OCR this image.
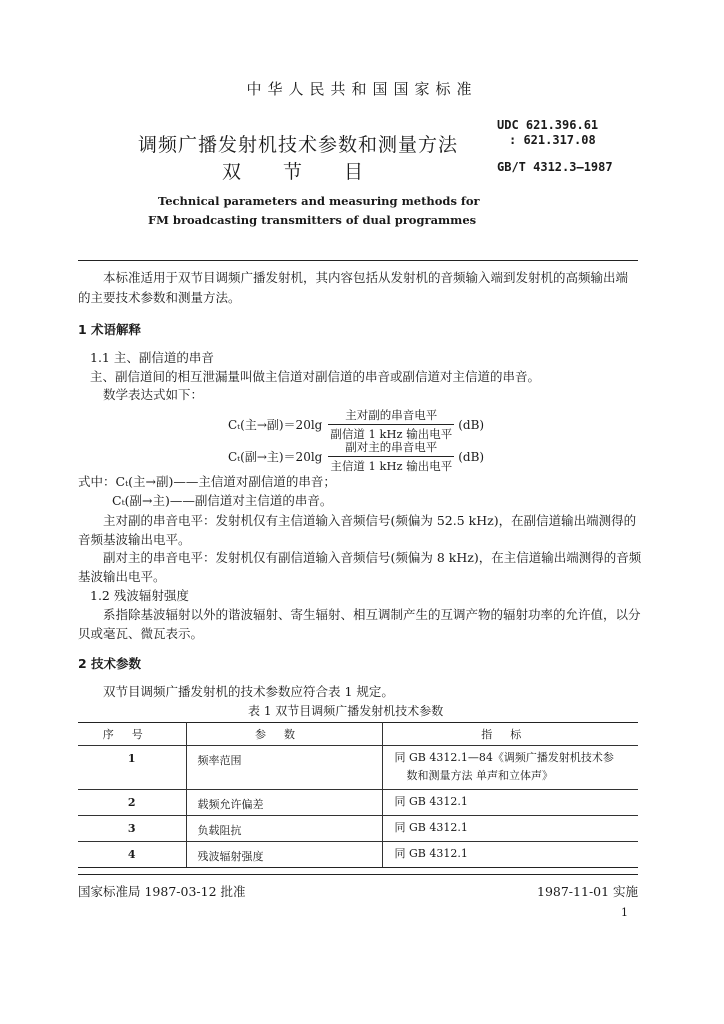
中华人民共和国国家标准
调频广播发射机技术参数和测量方法
双节目
UDC 621.396.61
: 621.317.08
GB/T 4312.3—1987
Technical parameters and measuring methods for
FM broadcasting transmitters of dual programmes
本标准适用于双节目调频广播发射机，其内容包括从发射机的音频输入端到发射机的高频输出端
的主要技术参数和测量方法。
1 术语解释
1.1 主、副信道的串音
主、副信道间的相互泄漏量叫做主信道对副信道的串音或副信道对主信道的串音。
数学表达式如下：
Cₜ(主→副)$=20\lg \frac{\text{主对副的串音电平}}{\text{副信道 1 kHz 输出电平}} (dB)$
Cₜ(副→主)$=20\lg \frac{\text{副对主的串音电平}}{\text{主信道 1 kHz 输出电平}} (dB)$
式中：Cₜ(主→副)——主信道对副信道的串音；
Cₜ(副→主)——副信道对主信道的串音。
主对副的串音电平：发射机仅有主信道输入音频信号(频偏为 52.5 kHz)，在副信道输出端测得的
音频基波输出电平。
副对主的串音电平：发射机仅有副信道输入音频信号(频偏为 8 kHz)，在主信道输出端测得的音频
基波输出电平。
1.2 残波辐射强度
系指除基波辐射以外的谐波辐射、寄生辐射、相互调制产生的互调产物的辐射功率的允许值，以分
贝或毫瓦、微瓦表示。
2 技术参数
双节目调频广播发射机的技术参数应符合表 1 规定。
表 1 双节目调频广播发射机技术参数
序号	参数	指标
1	频率范围	同 GB 4312.1—84《调频广播发射机技术参
数和测量方法 单声和立体声》

2	载频允许偏差	同 GB 4312.1

3	负载阻抗	同 GB 4312.1

4	残波辐射强度	同 GB 4312.1
国家标准局 1987-03-12 批准	1987-11-01 实施
1
